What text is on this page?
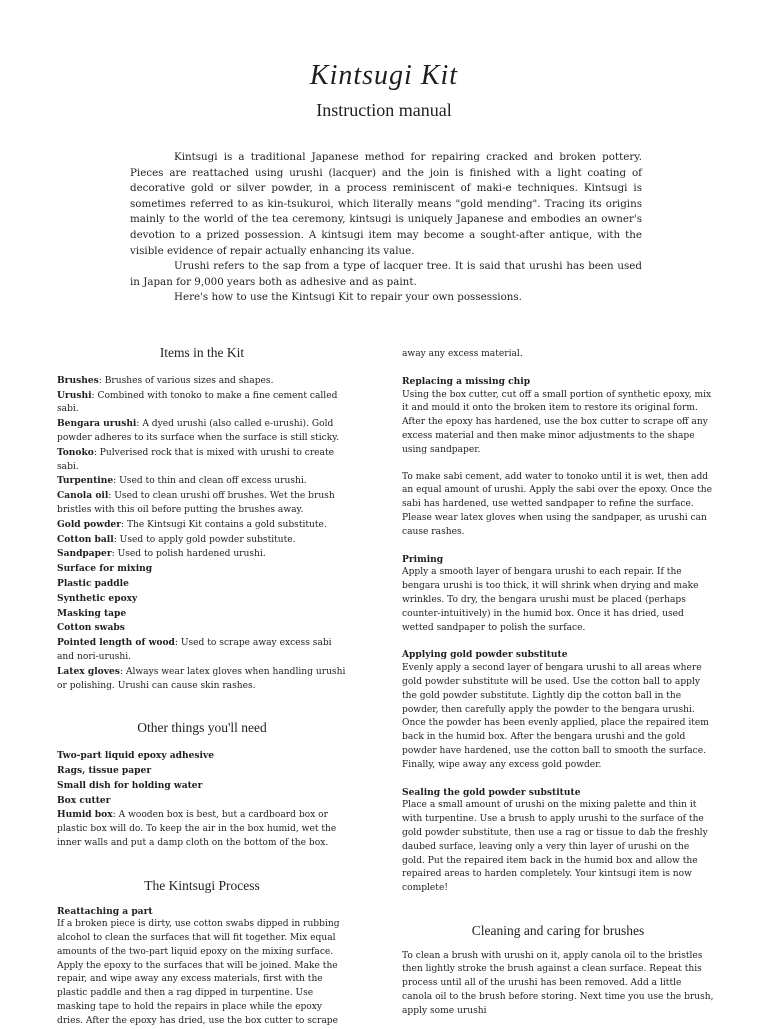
Kintsugi Kit
Instruction manual

Kintsugi is a traditional Japanese method for repairing cracked and broken pottery. Pieces are reattached using urushi (lacquer) and the join is finished with a light coating of decorative gold or silver powder, in a process reminiscent of maki-e techniques. Kintsugi is sometimes referred to as kin-tsukuroi, which literally means "gold mending". Tracing its origins mainly to the world of the tea ceremony, kintsugi is uniquely Japanese and embodies an owner's devotion to a prized possession. A kintsugi item may become a sought-after antique, with the visible evidence of repair actually enhancing its value.

Urushi refers to the sap from a type of lacquer tree. It is said that urushi has been used in Japan for 9,000 years both as adhesive and as paint.

Here's how to use the Kintsugi Kit to repair your own possessions.

Items in the Kit
Brushes: Brushes of various sizes and shapes.
Urushi: Combined with tonoko to make a fine cement called sabi.
Bengara urushi: A dyed urushi (also called e-urushi). Gold powder adheres to its surface when the surface is still sticky.
Tonoko: Pulverised rock that is mixed with urushi to create sabi.
Turpentine: Used to thin and clean off excess urushi.
Canola oil: Used to clean urushi off brushes. Wet the brush bristles with this oil before putting the brushes away.
Gold powder: The Kintsugi Kit contains a gold substitute.
Cotton ball: Used to apply gold powder substitute.
Sandpaper: Used to polish hardened urushi.
Surface for mixing
Plastic paddle
Synthetic epoxy
Masking tape
Cotton swabs
Pointed length of wood: Used to scrape away excess sabi and nori-urushi.
Latex gloves: Always wear latex gloves when handling urushi or polishing. Urushi can cause skin rashes.
Other things you'll need
Two-part liquid epoxy adhesive
Rags, tissue paper
Small dish for holding water
Box cutter
Humid box: A wooden box is best, but a cardboard box or plastic box will do. To keep the air in the box humid, wet the inner walls and put a damp cloth on the bottom of the box.
The Kintsugi Process

Reattaching a part

If a broken piece is dirty, use cotton swabs dipped in rubbing alcohol to clean the surfaces that will fit together. Mix equal amounts of the two-part liquid epoxy on the mixing surface. Apply the epoxy to the surfaces that will be joined. Make the repair, and wipe away any excess materials, first with the plastic paddle and then a rag dipped in turpentine. Use masking tape to hold the repairs in place while the epoxy dries. After the epoxy has dried, use the box cutter to scrape

away any excess material.

Replacing a missing chip

Using the box cutter, cut off a small portion of synthetic epoxy, mix it and mould it onto the broken item to restore its original form. After the epoxy has hardened, use the box cutter to scrape off any excess material and then make minor adjustments to the shape using sandpaper.

To make sabi cement, add water to tonoko until it is wet, then add an equal amount of urushi. Apply the sabi over the epoxy. Once the sabi has hardened, use wetted sandpaper to refine the surface. Please wear latex gloves when using the sandpaper, as urushi can cause rashes.

Priming

Apply a smooth layer of bengara urushi to each repair. If the bengara urushi is too thick, it will shrink when drying and make wrinkles. To dry, the bengara urushi must be placed (perhaps counter-intuitively) in the humid box. Once it has dried, used wetted sandpaper to polish the surface.

Applying gold powder substitute

Evenly apply a second layer of bengara urushi to all areas where gold powder substitute will be used. Use the cotton ball to apply the gold powder substitute. Lightly dip the cotton ball in the powder, then carefully apply the powder to the bengara urushi. Once the powder has been evenly applied, place the repaired item back in the humid box. After the bengara urushi and the gold powder have hardened, use the cotton ball to smooth the surface. Finally, wipe away any excess gold powder.

Sealing the gold powder substitute

Place a small amount of urushi on the mixing palette and thin it with turpentine. Use a brush to apply urushi to the surface of the gold powder substitute, then use a rag or tissue to dab the freshly daubed surface, leaving only a very thin layer of urushi on the gold. Put the repaired item back in the humid box and allow the repaired areas to harden completely. Your kintsugi item is now complete!

Cleaning and caring for brushes

To clean a brush with urushi on it, apply canola oil to the bristles then lightly stroke the brush against a clean surface. Repeat this process until all of the urushi has been removed. Add a little canola oil to the brush before storing. Next time you use the brush, apply some urushi
